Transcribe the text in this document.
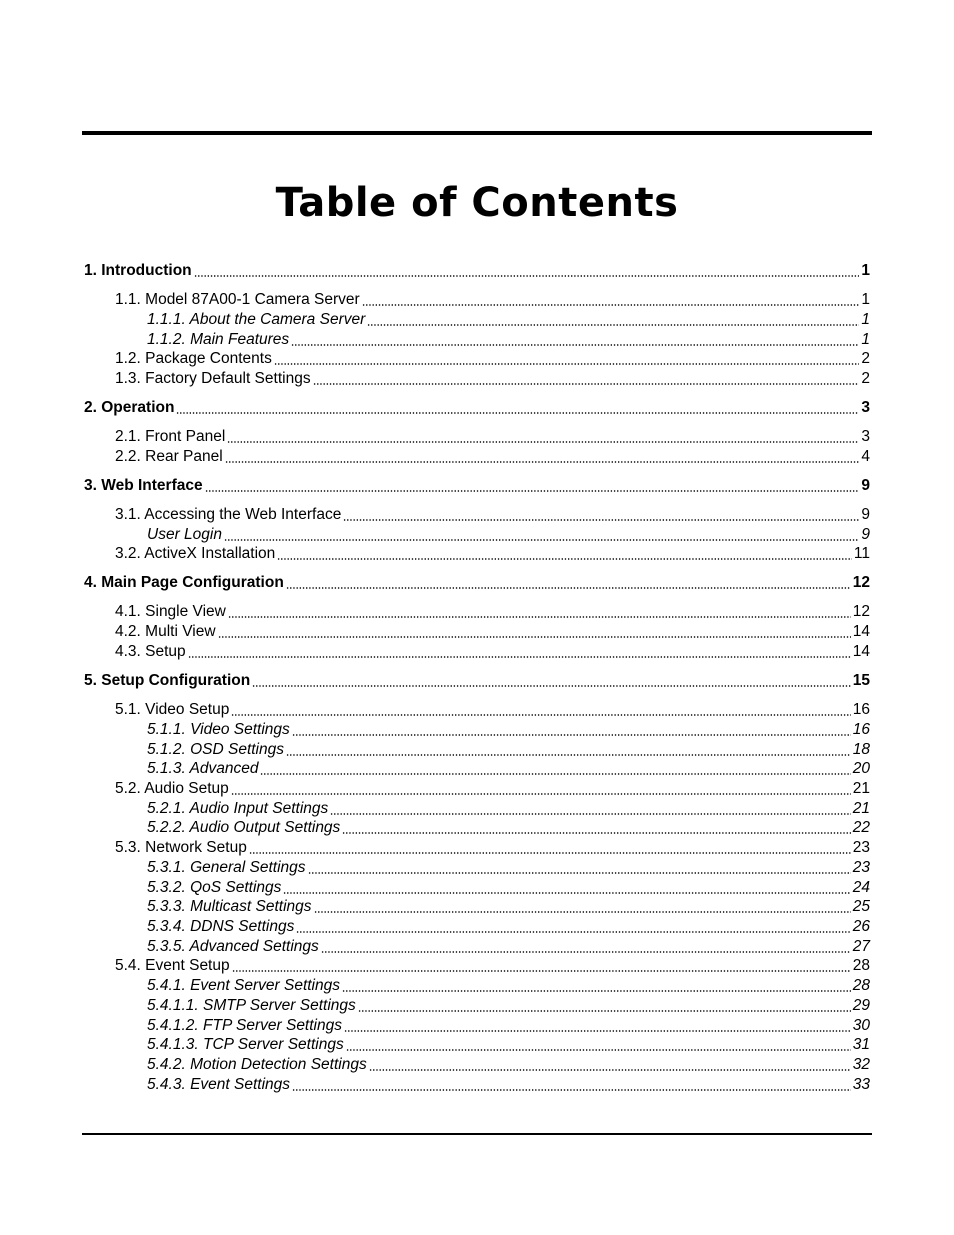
Table of Contents
1. Introduction	1
1.1. Model 87A00-1 Camera Server	1
1.1.1. About the Camera Server	1
1.1.2. Main Features	1
1.2. Package Contents	2
1.3. Factory Default Settings	2
2. Operation	3
2.1. Front Panel	3
2.2. Rear Panel	4
3. Web Interface	9
3.1. Accessing the Web Interface	9
User Login	9
3.2. ActiveX Installation	11
4. Main Page Configuration	12
4.1. Single View	12
4.2. Multi View	14
4.3. Setup	14
5. Setup Configuration	15
5.1. Video Setup	16
5.1.1. Video Settings	16
5.1.2. OSD Settings	18
5.1.3. Advanced	20
5.2. Audio Setup	21
5.2.1. Audio Input Settings	21
5.2.2. Audio Output Settings	22
5.3. Network Setup	23
5.3.1. General Settings	23
5.3.2. QoS Settings	24
5.3.3. Multicast Settings	25
5.3.4. DDNS Settings	26
5.3.5. Advanced Settings	27
5.4. Event Setup	28
5.4.1. Event Server Settings	28
5.4.1.1. SMTP Server Settings	29
5.4.1.2. FTP Server Settings	30
5.4.1.3. TCP Server Settings	31
5.4.2. Motion Detection Settings	32
5.4.3. Event Settings	33
